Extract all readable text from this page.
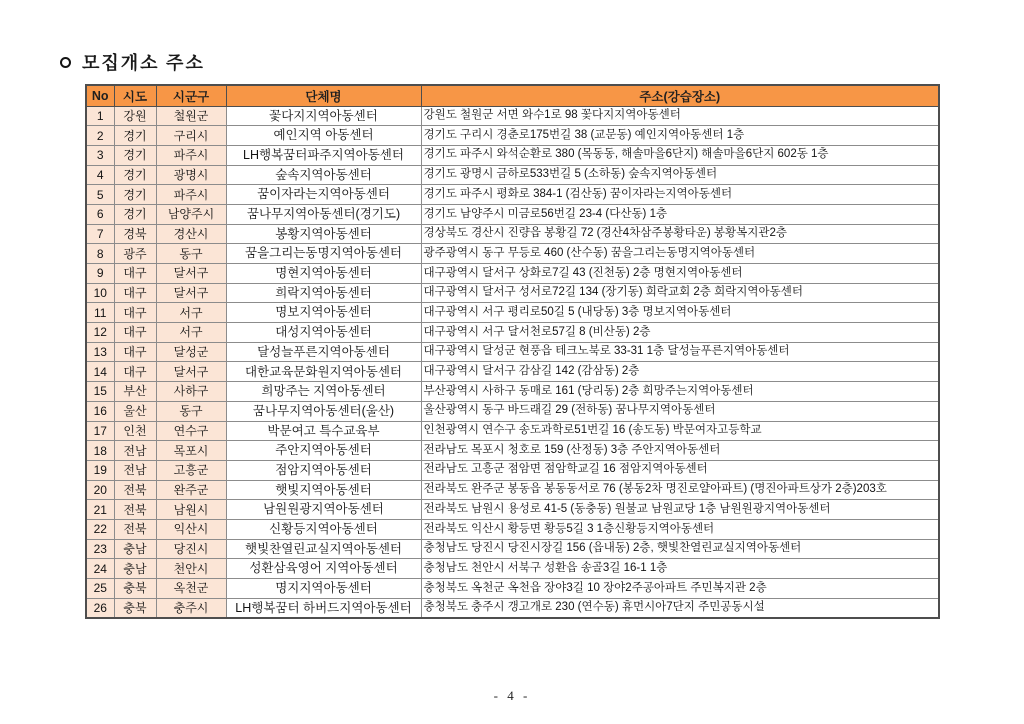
모집개소 주소
No	시도	시군구	단체명	주소(강습장소)
1	강원	철원군	꽃다지지역아동센터	강원도 철원군 서면 와수1로 98 꽃다지지역아동센터
2	경기	구리시	예인지역 아동센터	경기도 구리시 경춘로175번길 38 (교문동) 예인지역아동센터 1층
3	경기	파주시	LH행복꿈터파주지역아동센터	경기도 파주시 와석순환로 380 (목동동, 해솔마을6단지) 해솔마을6단지 602동 1층
4	경기	광명시	숲속지역아동센터	경기도 광명시 금하로533번길 5 (소하동) 숲속지역아동센터
5	경기	파주시	꿈이자라는지역아동센터	경기도 파주시 평화로 384-1 (검산동) 꿈이자라는지역아동센터
6	경기	남양주시	꿈나무지역아동센터(경기도)	경기도 남양주시 미금로56번길 23-4 (다산동) 1층
7	경북	경산시	봉황지역아동센터	경상북도 경산시 진량읍 봉황길 72 (경산4차삼주봉황타운) 봉황복지관2층
8	광주	동구	꿈을그리는동명지역아동센터	광주광역시 동구 무등로 460 (산수동) 꿈을그리는동명지역아동센터
9	대구	달서구	명현지역아동센터	대구광역시 달서구 상화로7길 43 (진천동) 2층 명현지역아동센터
10	대구	달서구	희락지역아동센터	대구광역시 달서구 성서로72길 134 (장기동) 희락교회 2층 희락지역아동센터
11	대구	서구	명보지역아동센터	대구광역시 서구 평리로50길 5 (내당동) 3층 명보지역아동센터
12	대구	서구	대성지역아동센터	대구광역시 서구 달서천로57길 8 (비산동) 2층
13	대구	달성군	달성늘푸른지역아동센터	대구광역시 달성군 현풍읍 테크노북로 33-31 1층 달성늘푸른지역아동센터
14	대구	달서구	대한교육문화원지역아동센터	대구광역시 달서구 감삼길 142 (감삼동) 2층
15	부산	사하구	희망주는 지역아동센터	부산광역시 사하구 동매로 161 (당리동) 2층 희망주는지역아동센터
16	울산	동구	꿈나무지역아동센터(울산)	울산광역시 동구 바드래길 29 (전하동) 꿈나무지역아동센터
17	인천	연수구	박문여고 특수교육부	인천광역시 연수구 송도과학로51번길 16 (송도동) 박문여자고등학교
18	전남	목포시	주안지역아동센터	전라남도 목포시 청호로 159 (산정동) 3층 주안지역아동센터
19	전남	고흥군	점암지역아동센터	전라남도 고흥군 점암면 점암학교길 16 점암지역아동센터
20	전북	완주군	햇빛지역아동센터	전라북도 완주군 봉동읍 봉동동서로 76 (봉동2차 명진로얄아파트) (명진아파트상가 2층)203호
21	전북	남원시	남원원광지역아동센터	전라북도 남원시 용성로 41-5 (동충동) 원불교 남원교당 1층 남원원광지역아동센터
22	전북	익산시	신황등지역아동센터	전라북도 익산시 황등면 황등5길 3 1층신황등지역아동센터
23	충남	당진시	햇빛찬열린교실지역아동센터	충청남도 당진시 당진시장길 156 (읍내동) 2층, 햇빛찬열린교실지역아동센터
24	충남	천안시	성환삼육영어 지역아동센터	충청남도 천안시 서북구 성환읍 송골3길 16-1 1층
25	충북	옥천군	명지지역아동센터	충청북도 옥천군 옥천읍 장야3길 10 장야2주공아파트 주민복지관 2층
26	충북	충주시	LH행복꿈터 하버드지역아동센터	충청북도 충주시 갱고개로 230 (연수동) 휴먼시아7단지 주민공동시설
- 4 -
